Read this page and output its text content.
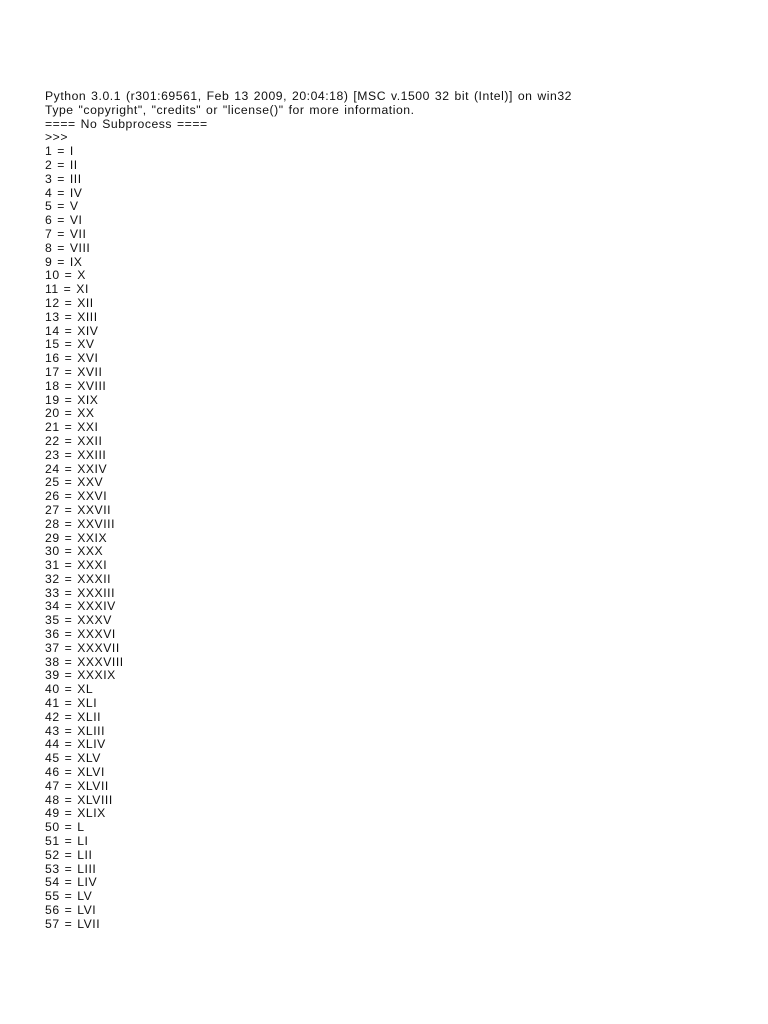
Python 3.0.1 (r301:69561, Feb 13 2009, 20:04:18) [MSC v.1500 32 bit (Intel)] on win32
Type "copyright", "credits" or "license()" for more information.
==== No Subprocess ====
>>>
1 = I
2 = II
3 = III
4 = IV
5 = V
6 = VI
7 = VII
8 = VIII
9 = IX
10 = X
11 = XI
12 = XII
13 = XIII
14 = XIV
15 = XV
16 = XVI
17 = XVII
18 = XVIII
19 = XIX
20 = XX
21 = XXI
22 = XXII
23 = XXIII
24 = XXIV
25 = XXV
26 = XXVI
27 = XXVII
28 = XXVIII
29 = XXIX
30 = XXX
31 = XXXI
32 = XXXII
33 = XXXIII
34 = XXXIV
35 = XXXV
36 = XXXVI
37 = XXXVII
38 = XXXVIII
39 = XXXIX
40 = XL
41 = XLI
42 = XLII
43 = XLIII
44 = XLIV
45 = XLV
46 = XLVI
47 = XLVII
48 = XLVIII
49 = XLIX
50 = L
51 = LI
52 = LII
53 = LIII
54 = LIV
55 = LV
56 = LVI
57 = LVII
